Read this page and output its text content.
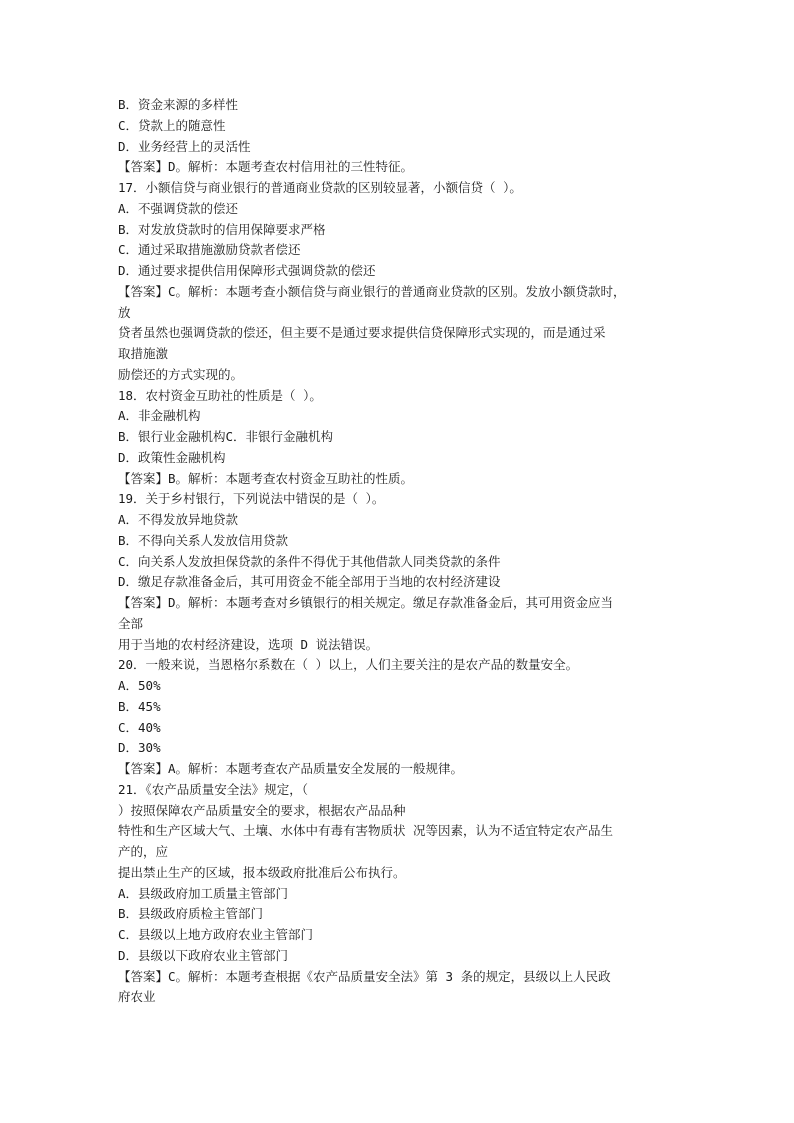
B．资金来源的多样性
C．贷款上的随意性
D．业务经营上的灵活性
【答案】D。解析：本题考查农村信用社的三性特征。
17．小额信贷与商业银行的普通商业贷款的区别较显著，小额信贷（ ）。
A．不强调贷款的偿还
B．对发放贷款时的信用保障要求严格
C．通过采取措施激励贷款者偿还
D．通过要求提供信用保障形式强调贷款的偿还
【答案】C。解析：本题考查小额信贷与商业银行的普通商业贷款的区别。发放小额贷款时，
放
贷者虽然也强调贷款的偿还，但主要不是通过要求提供信贷保障形式实现的，而是通过采
取措施激
励偿还的方式实现的。
18．农村资金互助社的性质是（ ）。
A．非金融机构
B．银行业金融机构C．非银行金融机构
D．政策性金融机构
【答案】B。解析：本题考查农村资金互助社的性质。
19．关于乡村银行，下列说法中错误的是（ ）。
A．不得发放异地贷款
B．不得向关系人发放信用贷款
C．向关系人发放担保贷款的条件不得优于其他借款人同类贷款的条件
D．缴足存款准备金后，其可用资金不能全部用于当地的农村经济建设
【答案】D。解析：本题考查对乡镇银行的相关规定。缴足存款准备金后，其可用资金应当
全部
用于当地的农村经济建设，选项 D 说法错误。
20．一般来说，当恩格尔系数在（ ）以上，人们主要关注的是农产品的数量安全。
A．50%
B．45%
C．40%
D．30%
【答案】A。解析：本题考查农产品质量安全发展的一般规律。
21．《农产品质量安全法》规定，（
）按照保障农产品质量安全的要求，根据农产品品种
特性和生产区域大气、土壤、水体中有毒有害物质状 况等因素，认为不适宜特定农产品生
产的，应
提出禁止生产的区域，报本级政府批准后公布执行。
A．县级政府加工质量主管部门
B．县级政府质检主管部门
C．县级以上地方政府农业主管部门
D．县级以下政府农业主管部门
【答案】C。解析：本题考查根据《农产品质量安全法》第 3 条的规定，县级以上人民政
府农业
